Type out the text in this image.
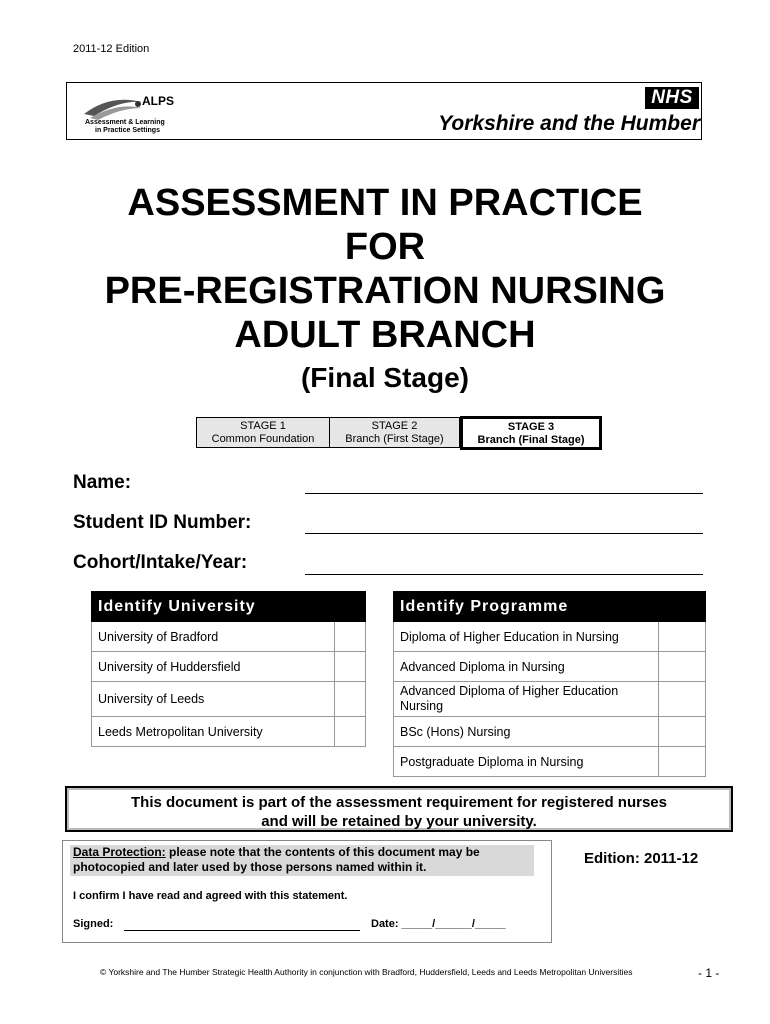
2011-12 Edition
ALPS
Assessment & Learning
in Practice Settings
NHS
Yorkshire and the Humber
ASSESSMENT IN PRACTICE
FOR
PRE-REGISTRATION NURSING
ADULT BRANCH
(Final Stage)
STAGE 1
Common Foundation
STAGE 2
Branch (First Stage)
STAGE 3
Branch (Final Stage)
Name:
Student ID Number:
Cohort/Intake/Year:
Identify University	
University of Bradford	
University of Huddersfield	
University of Leeds	
Leeds Metropolitan University	
Identify Programme	
Diploma of Higher Education in Nursing	
Advanced Diploma in Nursing	
Advanced Diploma of Higher Education Nursing	
BSc (Hons) Nursing	
Postgraduate Diploma in Nursing	
This document is part of the assessment requirement for registered nurses
and will be retained by your university.
Data Protection: please note that the contents of this document may be photocopied and later used by those persons named within it.
I confirm I have read and agreed with this statement.
Signed:	Date: _____/______/_____
Edition: 2011-12
© Yorkshire and The Humber Strategic Health Authority in conjunction with Bradford, Huddersfield, Leeds and Leeds Metropolitan Universities	- 1 -
